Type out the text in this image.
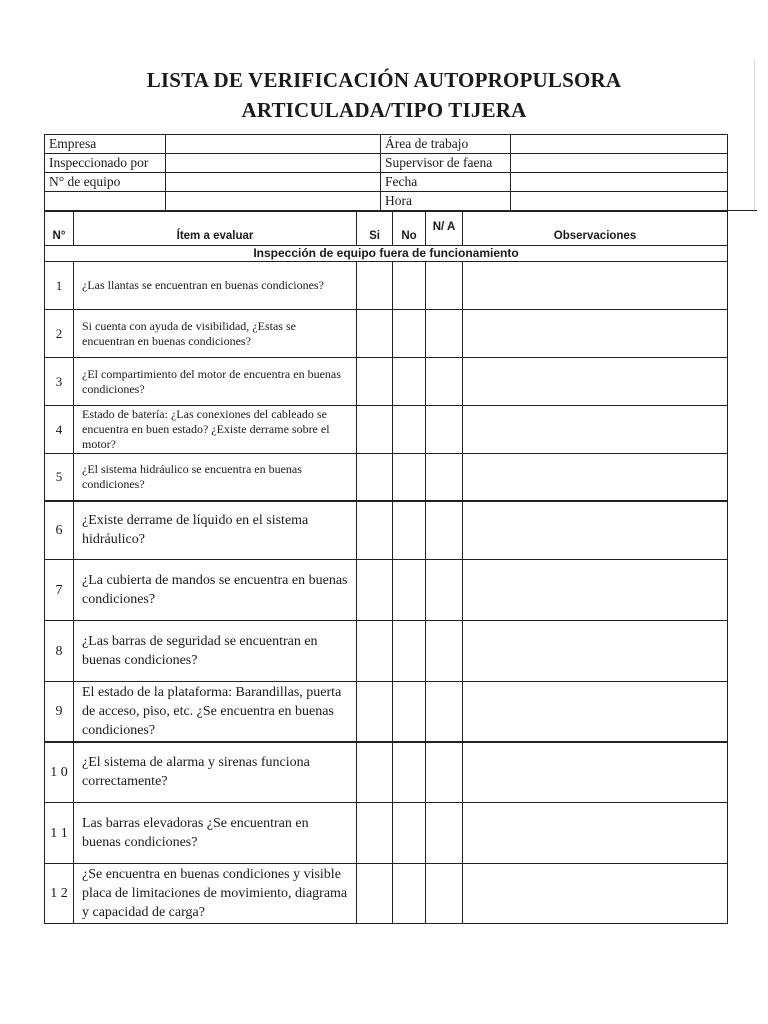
LISTA DE VERIFICACIÓN AUTOPROPULSORA
ARTICULADA/TIPO TIJERA
Empresa		Área de trabajo	
Inspeccionado por		Supervisor de faena	
N° de equipo		Fecha	
		Hora	
N°	Ítem a evaluar	Si	No	N/ A	Observaciones
Inspección de equipo fuera de funcionamiento					
1	¿Las llantas se encuentran en buenas condiciones?				
2	Si cuenta con ayuda de visibilidad, ¿Estas se encuentran en buenas condiciones?				
3	¿El compartimiento del motor de encuentra en buenas condiciones?				
4	Estado de batería: ¿Las conexiones del cableado se encuentra en buen estado? ¿Existe derrame sobre el motor?				
5	¿El sistema hidráulico se encuentra en buenas condiciones?				
6	¿Existe derrame de líquido en el sistema hidráulico?				
7	¿La cubierta de mandos se encuentra en buenas condiciones?				
8	¿Las barras de seguridad se encuentran en buenas condiciones?				
9	El estado de la plataforma: Barandillas, puerta de acceso, piso, etc. ¿Se encuentra en buenas condiciones?				
1 0	¿El sistema de alarma y sirenas funciona correctamente?				
1 1	Las barras elevadoras ¿Se encuentran en buenas condiciones?				
1 2	¿Se encuentra en buenas condiciones y visible placa de limitaciones de movimiento, diagrama y capacidad de carga?				
